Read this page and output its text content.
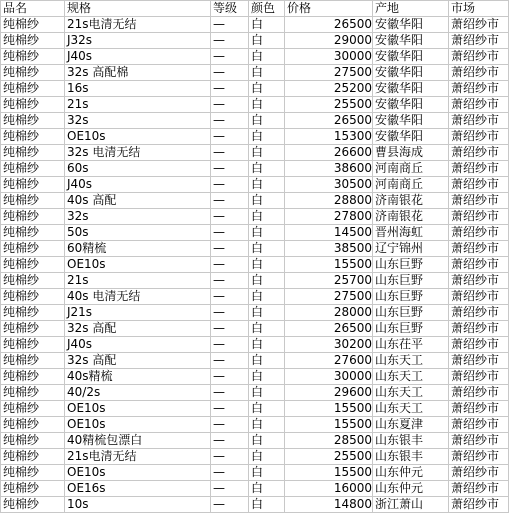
品名	规格	等级	颜色	价格	产地	市场
纯棉纱	21s电清无结	—	白	26500	安徽华阳	萧绍纱市
纯棉纱	J32s	—	白	29000	安徽华阳	萧绍纱市
纯棉纱	J40s	—	白	30000	安徽华阳	萧绍纱市
纯棉纱	32s 高配棉	—	白	27500	安徽华阳	萧绍纱市
纯棉纱	16s	—	白	25200	安徽华阳	萧绍纱市
纯棉纱	21s	—	白	25500	安徽华阳	萧绍纱市
纯棉纱	32s	—	白	26500	安徽华阳	萧绍纱市
纯棉纱	OE10s	—	白	15300	安徽华阳	萧绍纱市
纯棉纱	32s 电清无结	—	白	26600	曹县海成	萧绍纱市
纯棉纱	60s	—	白	38600	河南商丘	萧绍纱市
纯棉纱	J40s	—	白	30500	河南商丘	萧绍纱市
纯棉纱	40s 高配	—	白	28800	济南银花	萧绍纱市
纯棉纱	32s	—	白	27800	济南银花	萧绍纱市
纯棉纱	50s	—	白	14500	晋州海虹	萧绍纱市
纯棉纱	60精梳	—	白	38500	辽宁锦州	萧绍纱市
纯棉纱	OE10s	—	白	15500	山东巨野	萧绍纱市
纯棉纱	21s	—	白	25700	山东巨野	萧绍纱市
纯棉纱	40s 电清无结	—	白	27500	山东巨野	萧绍纱市
纯棉纱	J21s	—	白	28000	山东巨野	萧绍纱市
纯棉纱	32s 高配	—	白	26500	山东巨野	萧绍纱市
纯棉纱	J40s	—	白	30200	山东茌平	萧绍纱市
纯棉纱	32s 高配	—	白	27600	山东天工	萧绍纱市
纯棉纱	40s精梳	—	白	30000	山东天工	萧绍纱市
纯棉纱	40/2s	—	白	29600	山东天工	萧绍纱市
纯棉纱	OE10s	—	白	15500	山东天工	萧绍纱市
纯棉纱	OE10s	—	白	15500	山东夏津	萧绍纱市
纯棉纱	40精梳包漂白	—	白	28500	山东银丰	萧绍纱市
纯棉纱	21s电清无结	—	白	25500	山东银丰	萧绍纱市
纯棉纱	OE10s	—	白	15500	山东仲元	萧绍纱市
纯棉纱	OE16s	—	白	16000	山东仲元	萧绍纱市
纯棉纱	10s	—	白	14800	浙江萧山	萧绍纱市
